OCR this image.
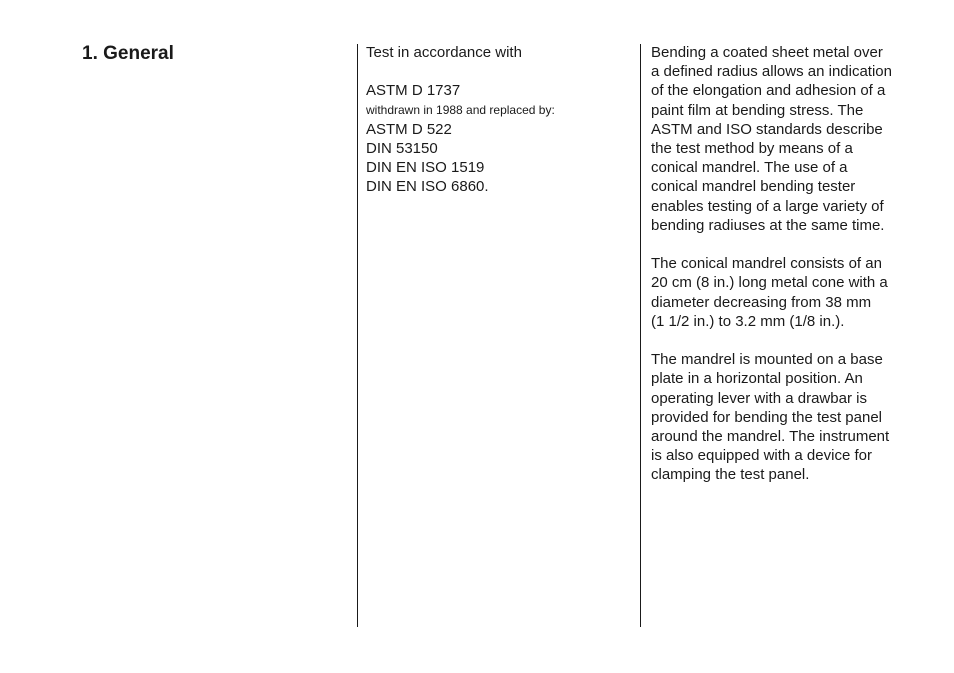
1. General	Test in accordance with
ASTM D 1737
withdrawn in 1988 and replaced by:
ASTM D 522
DIN 53150
DIN EN ISO 1519
DIN EN ISO 6860.
Bending a coated sheet metal over
a defined radius allows an indication
of the elongation and adhesion of a
paint film at bending stress. The
ASTM and ISO standards describe
the test method by means of a
conical mandrel. The use of a
conical mandrel bending tester
enables testing of a large variety of
bending radiuses at the same time.
The conical mandrel consists of an
20 cm (8 in.) long metal cone with a
diameter decreasing from 38 mm
(1 1/2 in.) to 3.2 mm (1/8 in.).
The mandrel is mounted on a base
plate in a horizontal position. An
operating lever with a drawbar is
provided for bending the test panel
around the mandrel. The instrument
is also equipped with a device for
clamping the test panel.
